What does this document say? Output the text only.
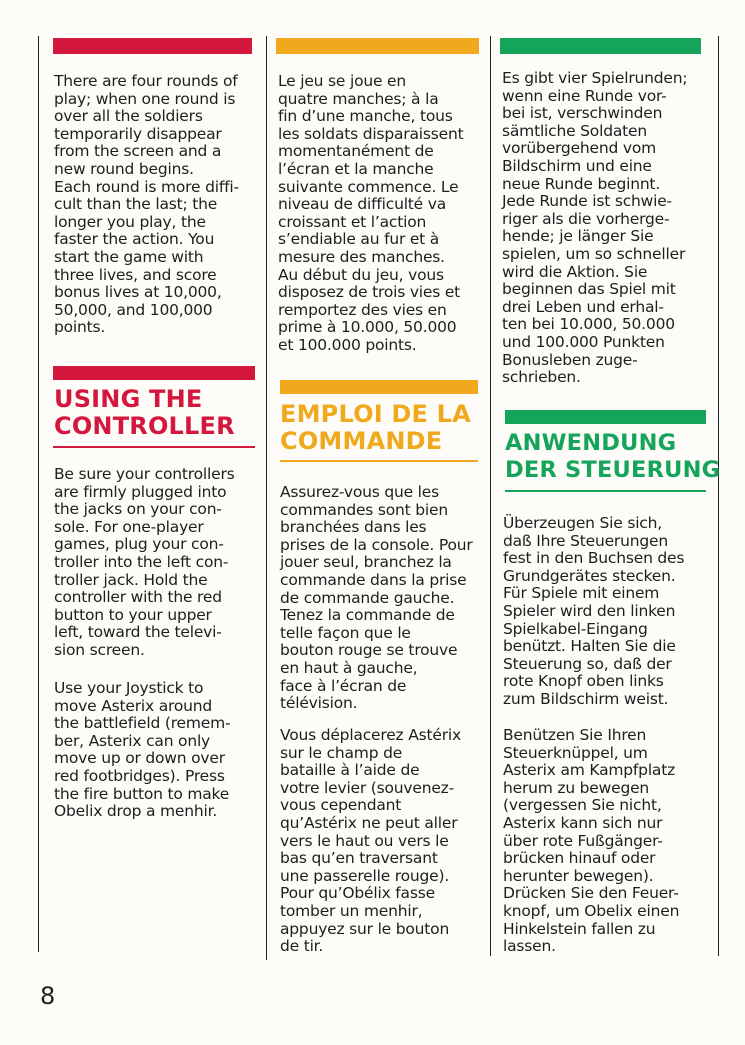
There are four rounds of
play; when one round is
over all the soldiers
temporarily disappear
from the screen and a
new round begins.
Each round is more diffi-
cult than the last; the
longer you play, the
faster the action. You
start the game with
three lives, and score
bonus lives at 10,000,
50,000, and 100,000
points.

USING THE
CONTROLLER

Be sure your controllers
are firmly plugged into
the jacks on your con-
sole. For one-player
games, plug your con-
troller into the left con-
troller jack. Hold the
controller with the red
button to your upper
left, toward the televi-
sion screen.

Use your Joystick to
move Asterix around
the battlefield (remem-
ber, Asterix can only
move up or down over
red footbridges). Press
the fire button to make
Obelix drop a menhir.

Le jeu se joue en
quatre manches; à la
fin d’une manche, tous
les soldats disparaissent
momentanément de
l’écran et la manche
suivante commence. Le
niveau de difficulté va
croissant et l’action
s’endiable au fur et à
mesure des manches.
Au début du jeu, vous
disposez de trois vies et
remportez des vies en
prime à 10.000, 50.000
et 100.000 points.

EMPLOI DE LA
COMMANDE

Assurez-vous que les
commandes sont bien
branchées dans les
prises de la console. Pour
jouer seul, branchez la
commande dans la prise
de commande gauche.
Tenez la commande de
telle façon que le
bouton rouge se trouve
en haut à gauche,
face à l’écran de
télévision.

Vous déplacerez Astérix
sur le champ de
bataille à l’aide de
votre levier (souvenez-
vous cependant
qu’Astérix ne peut aller
vers le haut ou vers le
bas qu’en traversant
une passerelle rouge).
Pour qu’Obélix fasse
tomber un menhir,
appuyez sur le bouton
de tir.

Es gibt vier Spielrunden;
wenn eine Runde vor-
bei ist, verschwinden
sämtliche Soldaten
vorübergehend vom
Bildschirm und eine
neue Runde beginnt.
Jede Runde ist schwie-
riger als die vorherge-
hende; je länger Sie
spielen, um so schneller
wird die Aktion. Sie
beginnen das Spiel mit
drei Leben und erhal-
ten bei 10.000, 50.000
und 100.000 Punkten
Bonusleben zuge-
schrieben.

ANWENDUNG
DER STEUERUNG

Überzeugen Sie sich,
daß Ihre Steuerungen
fest in den Buchsen des
Grundgerätes stecken.
Für Spiele mit einem
Spieler wird den linken
Spielkabel-Eingang
benützt. Halten Sie die
Steuerung so, daß der
rote Knopf oben links
zum Bildschirm weist.

Benützen Sie Ihren
Steuerknüppel, um
Asterix am Kampfplatz
herum zu bewegen
(vergessen Sie nicht,
Asterix kann sich nur
über rote Fußgänger-
brücken hinauf oder
herunter bewegen).
Drücken Sie den Feuer-
knopf, um Obelix einen
Hinkelstein fallen zu
lassen.

8
